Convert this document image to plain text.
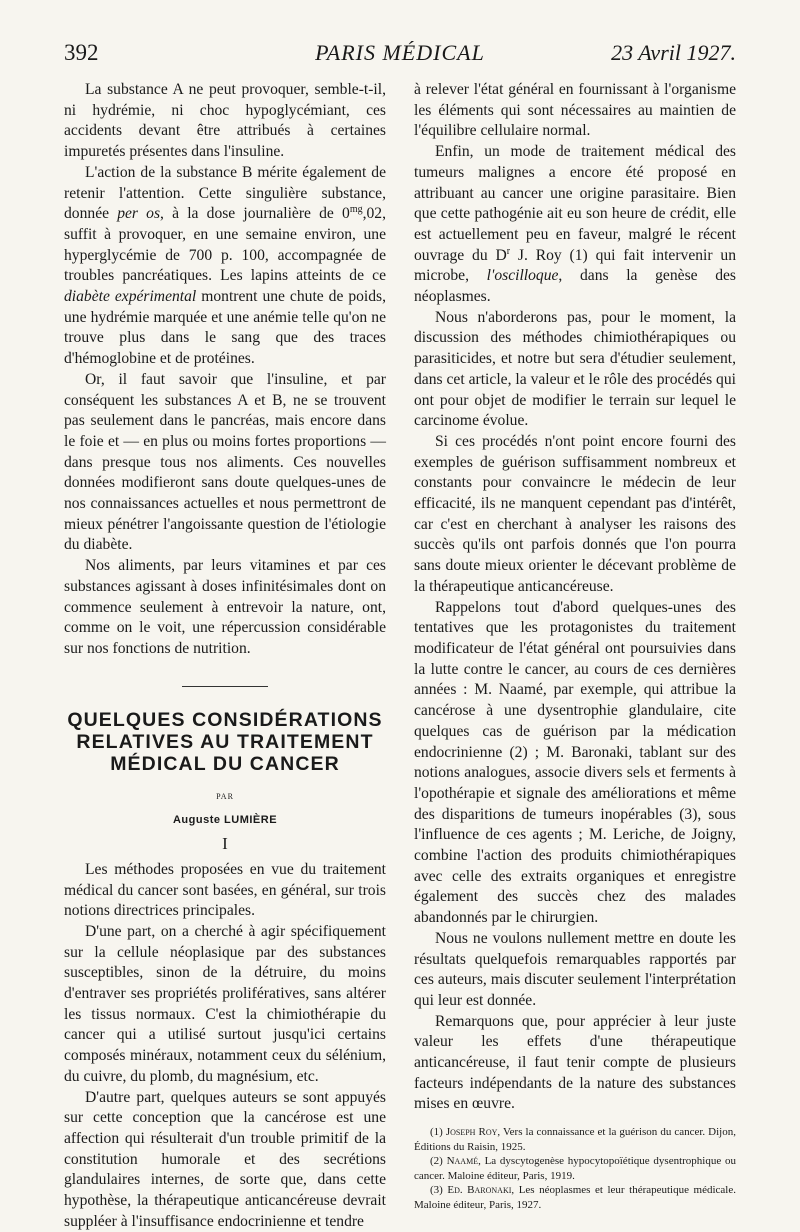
392	PARIS MÉDICAL	23 Avril 1927.

La substance A ne peut provoquer, semble-t-il, ni hydrémie, ni choc hypoglycémiant, ces accidents devant être attribués à certaines impuretés présentes dans l'insuline.

L'action de la substance B mérite également de retenir l'attention. Cette singulière substance, donnée per os, à la dose journalière de $0^{mg},02$, suffit à provoquer, en une semaine environ, une hyperglycémie de 700 p. 100, accompagnée de troubles pancréatiques. Les lapins atteints de ce diabète expérimental montrent une chute de poids, une hydrémie marquée et une anémie telle qu'on ne trouve plus dans le sang que des traces d'hémoglobine et de protéines.

Or, il faut savoir que l'insuline, et par conséquent les substances A et B, ne se trouvent pas seulement dans le pancréas, mais encore dans le foie et — en plus ou moins fortes proportions — dans presque tous nos aliments. Ces nouvelles données modifieront sans doute quelques-unes de nos connaissances actuelles et nous permettront de mieux pénétrer l'angoissante question de l'étiologie du diabète.

Nos aliments, par leurs vitamines et par ces substances agissant à doses infinitésimales dont on commence seulement à entrevoir la nature, ont, comme on le voit, une répercussion considérable sur nos fonctions de nutrition.

QUELQUES CONSIDÉRATIONS RELATIVES AU TRAITEMENT MÉDICAL DU CANCER
PAR
Auguste LUMIÈRE
I

Les méthodes proposées en vue du traitement médical du cancer sont basées, en général, sur trois notions directrices principales.

D'une part, on a cherché à agir spécifiquement sur la cellule néoplasique par des substances susceptibles, sinon de la détruire, du moins d'entraver ses propriétés prolifératives, sans altérer les tissus normaux. C'est la chimiothérapie du cancer qui a utilisé surtout jusqu'ici certains composés minéraux, notamment ceux du sélénium, du cuivre, du plomb, du magnésium, etc.

D'autre part, quelques auteurs se sont appuyés sur cette conception que la cancérose est une affection qui résulterait d'un trouble primitif de la constitution humorale et des secrétions glandulaires internes, de sorte que, dans cette hypothèse, la thérapeutique anticancéreuse devrait suppléer à l'insuffisance endocrinienne et tendre

à relever l'état général en fournissant à l'organisme les éléments qui sont nécessaires au maintien de l'équilibre cellulaire normal.

Enfin, un mode de traitement médical des tumeurs malignes a encore été proposé en attribuant au cancer une origine parasitaire. Bien que cette pathogénie ait eu son heure de crédit, elle est actuellement peu en faveur, malgré le récent ouvrage du $D^r$ J. Roy (1) qui fait intervenir un microbe, l'oscilloque, dans la genèse des néoplasmes.

Nous n'aborderons pas, pour le moment, la discussion des méthodes chimiothérapiques ou parasiticides, et notre but sera d'étudier seulement, dans cet article, la valeur et le rôle des procédés qui ont pour objet de modifier le terrain sur lequel le carcinome évolue.

Si ces procédés n'ont point encore fourni des exemples de guérison suffisamment nombreux et constants pour convaincre le médecin de leur efficacité, ils ne manquent cependant pas d'intérêt, car c'est en cherchant à analyser les raisons des succès qu'ils ont parfois donnés que l'on pourra sans doute mieux orienter le décevant problème de la thérapeutique anticancéreuse.

Rappelons tout d'abord quelques-unes des tentatives que les protagonistes du traitement modificateur de l'état général ont poursuivies dans la lutte contre le cancer, au cours de ces dernières années : M. Naamé, par exemple, qui attribue la cancérose à une dysentrophie glandulaire, cite quelques cas de guérison par la médication endocrinienne (2) ; M. Baronaki, tablant sur des notions analogues, associe divers sels et ferments à l'opothérapie et signale des améliorations et même des disparitions de tumeurs inopérables (3), sous l'influence de ces agents ; M. Leriche, de Joigny, combine l'action des produits chimiothérapiques avec celle des extraits organiques et enregistre également des succès chez des malades abandonnés par le chirurgien.

Nous ne voulons nullement mettre en doute les résultats quelquefois remarquables rapportés par ces auteurs, mais discuter seulement l'interprétation qui leur est donnée.

Remarquons que, pour apprécier à leur juste valeur les effets d'une thérapeutique anticancéreuse, il faut tenir compte de plusieurs facteurs indépendants de la nature des substances mises en œuvre.

(1) Joseph Roy, Vers la connaissance et la guérison du cancer. Dijon, Éditions du Raisin, 1925.

(2) Naamé, La dyscytogenèse hypocytopoïétique dysentrophique ou cancer. Maloine éditeur, Paris, 1919.

(3) Ed. Baronaki, Les néoplasmes et leur thérapeutique médicale. Maloine éditeur, Paris, 1927.
